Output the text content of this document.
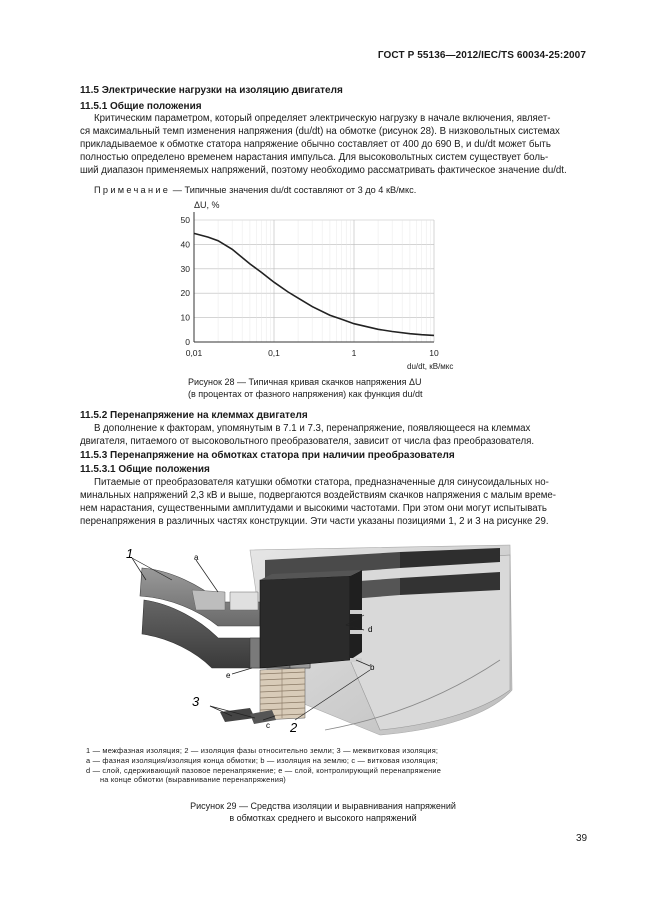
ГОСТ Р 55136—2012/IEC/TS 60034-25:2007
11.5 Электрические нагрузки на изоляцию двигателя
11.5.1 Общие положения
Критическим параметром, который определяет электрическую нагрузку в начале включения, являет-
ся максимальный темп изменения напряжения (du/dt) на обмотке (рисунок 28). В низковольтных системах
прикладываемое к обмотке статора напряжение обычно составляет от 400 до 690 В, и du/dt может быть
полностью определено временем нарастания импульса. Для высоковольтных систем существует боль-
ший диапазон применяемых напряжений, поэтому необходимо рассматривать фактическое значение du/dt.
Примечание — Типичные значения du/dt составляют от 3 до 4 кВ/мкс.
0
10
20
30
40
50
0,01	0,1	1	10
ΔU, %
du/dt, кВ/мкс
Рисунок 28 — Типичная кривая скачков напряжения ΔU
(в процентах от фазного напряжения) как функция du/dt
11.5.2 Перенапряжение на клеммах двигателя
В дополнение к факторам, упомянутым в 7.1 и 7.3, перенапряжение, появляющееся на клеммах
двигателя, питаемого от высоковольтного преобразователя, зависит от числа фаз преобразователя.
11.5.3 Перенапряжение на обмотках статора при наличии преобразователя
11.5.3.1 Общие положения
Питаемые от преобразователя катушки обмотки статора, предназначенные для синусоидальных но-
минальных напряжений 2,3 кВ и выше, подвергаются воздействиям скачков напряжения с малым време-
нем нарастания, существенными амплитудами и высокими частотами. При этом они могут испытывать
перенапряжения в различных частях конструкции. Эти части указаны позициями 1, 2 и 3 на рисунке 29.
1	a
d
b
e
3
c 2
1 — межфазная изоляция; 2 — изоляция фазы относительно земли; 3 — межвитковая изоляция;
a — фазная изоляция/изоляция конца обмотки; b — изоляция на землю; c — витковая изоляция;
d — слой, сдерживающий пазовое перенапряжение; e — слой, контролирующий перенапряжение
на конце обмотки (выравнивание перенапряжения)
Рисунок 29 — Средства изоляции и выравнивания напряжений
в обмотках среднего и высокого напряжений
39
